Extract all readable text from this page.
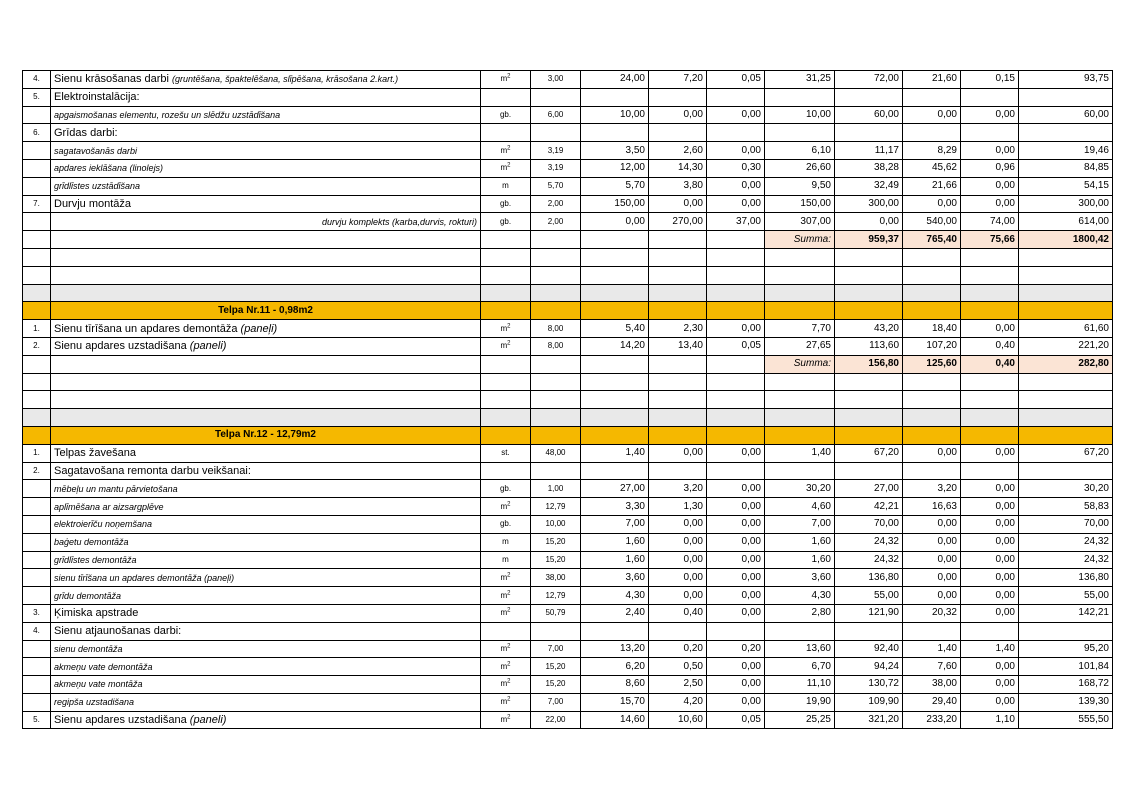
4.	Sienu krāsošanas darbi (gruntēšana, špaktelēšana, slīpēšana, krāsošana 2.kart.)	$m^2$	3,00	24,00	7,20	0,05	31,25	72,00	21,60	0,15	93,75
5.	Elektroinstalācija:										
	apgaismošanas elementu, rozešu un slēdžu uzstādīšana	gb.	6,00	10,00	0,00	0,00	10,00	60,00	0,00	0,00	60,00
6.	Grīdas darbi:										
	sagatavošanās darbi	$m^2$	3,19	3,50	2,60	0,00	6,10	11,17	8,29	0,00	19,46
	apdares ieklāšana (linolejs)	$m^2$	3,19	12,00	14,30	0,30	26,60	38,28	45,62	0,96	84,85
	grīdlīstes uzstādīšana	m	5,70	5,70	3,80	0,00	9,50	32,49	21,66	0,00	54,15
7.	Durvju montāža	gb.	2,00	150,00	0,00	0,00	150,00	300,00	0,00	0,00	300,00
	durvju komplekts (karba,durvis, rokturi)	gb.	2,00	0,00	270,00	37,00	307,00	0,00	540,00	74,00	614,00
							Summa:	959,37	765,40	75,66	1800,42

	Telpa Nr.11 - 0,98m2										
1.	Sienu tīrīšana un apdares demontāža (paneļi)	$m^2$	8,00	5,40	2,30	0,00	7,70	43,20	18,40	0,00	61,60
2.	Sienu apdares uzstadišana (paneli)	$m^2$	8,00	14,20	13,40	0,05	27,65	113,60	107,20	0,40	221,20
							Summa:	156,80	125,60	0,40	282,80

	Telpa Nr.12 - 12,79m2										
1.	Telpas žavešana	st.	48,00	1,40	0,00	0,00	1,40	67,20	0,00	0,00	67,20
2.	Sagatavošana remonta darbu veikšanai:										
	mēbeļu un mantu pārvietošana	gb.	1,00	27,00	3,20	0,00	30,20	27,00	3,20	0,00	30,20
	aplīmēšana ar aizsargplēve	$m^2$	12,79	3,30	1,30	0,00	4,60	42,21	16,63	0,00	58,83
	elektroierīču noņemšana	gb.	10,00	7,00	0,00	0,00	7,00	70,00	0,00	0,00	70,00
	baģetu demontāža	m	15,20	1,60	0,00	0,00	1,60	24,32	0,00	0,00	24,32
	grīdlīstes demontāža	m	15,20	1,60	0,00	0,00	1,60	24,32	0,00	0,00	24,32
	sienu tīrīšana un apdares demontāža (paneļi)	$m^2$	38,00	3,60	0,00	0,00	3,60	136,80	0,00	0,00	136,80
	grīdu demontāža	$m^2$	12,79	4,30	0,00	0,00	4,30	55,00	0,00	0,00	55,00
3.	Ķimiska apstrade	$m^2$	50,79	2,40	0,40	0,00	2,80	121,90	20,32	0,00	142,21
4.	Sienu atjaunošanas darbi:										
	sienu demontāža	$m^2$	7,00	13,20	0,20	0,20	13,60	92,40	1,40	1,40	95,20
	akmeņu vate demontāža	$m^2$	15,20	6,20	0,50	0,00	6,70	94,24	7,60	0,00	101,84
	akmeņu vate montāža	$m^2$	15,20	8,60	2,50	0,00	11,10	130,72	38,00	0,00	168,72
	regipša uzstadišana	$m^2$	7,00	15,70	4,20	0,00	19,90	109,90	29,40	0,00	139,30
5.	Sienu apdares uzstadišana (paneli)	$m^2$	22,00	14,60	10,60	0,05	25,25	321,20	233,20	1,10	555,50
